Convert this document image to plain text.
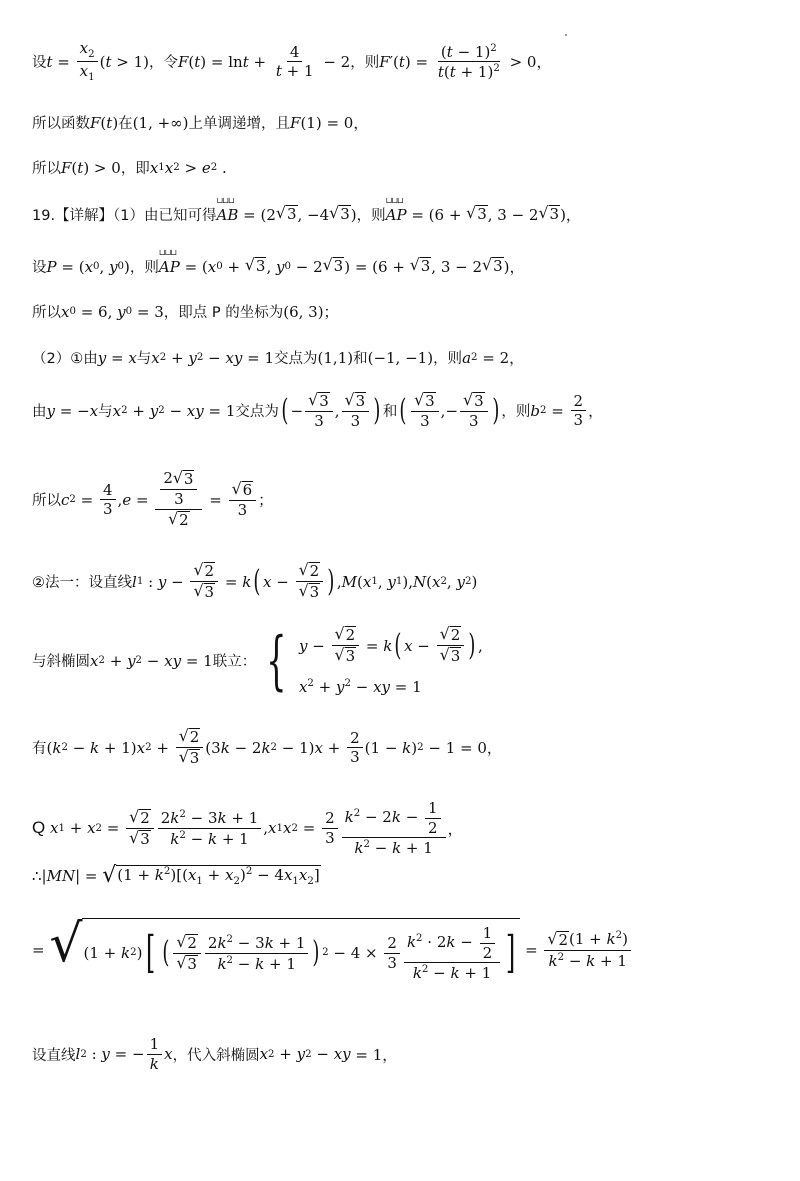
设 $t = \frac{x_2}{x_1}$ ( t > 1) ，令 F ( t ) = $\ln t + \frac{4}{t + 1} - 2$ ，则 F ′( t ) = $\frac{(t - 1)^2}{t(t + 1)^2} > 0$，
所以函数 F ( t ) 在 (1, +∞) 上单调递增，且 F (1) = 0，
所以 F ( t ) > 0 ，即 x 1 x 2 > e 2 .
19.【详解】（1）由已知可得 ⊔⊔⊔ AB = (2 √ 3 , −4 √ 3 ) ，则 ⊔⊔⊔ AP = (6 + √ 3 , 3 − 2 √ 3 )，
设 P = ( x 0 , y 0 ) ，则 ⊔⊔⊔ AP = ( x 0 + √ 3 , y 0 − 2 √ 3 ) = (6 + √ 3 , 3 − 2 √ 3 )，
所以 x 0 = 6, y 0 = 3 ，即点 P 的坐标为 (6, 3)；
（2）①由 y = x 与 x 2 + y 2 − xy = 1 交点为 (1,1) 和 (−1, −1) ，则 a 2 = 2，
由 y = − x 与 x 2 + y 2 − xy = 1 交点为 ( − $\frac{√ 3}{3}$ , $\frac{√ 3}{3}$ ) 和 ( $\frac{√ 3}{3}$ ,− $\frac{√ 3}{3}$ ) ，则 b $2 = \frac{2}{3}$ ，
所以 c $2 = \frac{4}{3}$ , $e = \frac{\frac{2 √ 3}{3}}{√ 2} = \frac{√ 6}{3}$ ；
②法一：设直线 l 1 : $y - \frac{√ 2}{√ 3} = k$ ( $x - \frac{√ 2}{√ 3}$ ) , M ( x 1 , y 1 ), N ( x 2 , y 2 )
与斜椭圆 x 2 + y 2 − xy = 1 联立： { $y - \frac{√ 2}{√ 3} = k$ ( $x - \frac{√ 2}{√ 3}$ ) ,
$x^2 + y^2$ − xy = 1
有 ( k 2 − k + 1) x $2 + \frac{√ 2}{√ 3} (3$ k − 2 k 2 − 1) $x + \frac{2}{3} (1 - k$ ) 2 − 1 = 0，
Q
x 1 + x $2 = \frac{√ 2}{√ 3} \frac{2k^2 - 3k + 1}{k^2 - k + 1}$ , x 1 x $2 = \frac{2}{3} \frac{k^2 - 2k - \frac{1}{2}}{k^2 - k + 1}$ ，
∴ | MN | = √ $(1 + k^2)[(x_1 + x_2)^2 - 4x_1x_2]$
= √ (1 + k 2 ) [ ( $\frac{√ 2}{√ 3} \frac{2k^2 - 3k + 1}{k^2 - k + 1}$ ) $2 - 4 \times \frac{2}{3} \frac{k^2 \cdot 2k - \frac{1}{2}}{k^2 - k + 1}$ ] = $\frac{√ 2 (1 + k^2)}{k^2 - k + 1}$
设直线 l 2 : y = − $\frac{1}{k}$ x ，代入斜椭圆 x 2 + y 2 − xy = 1，
